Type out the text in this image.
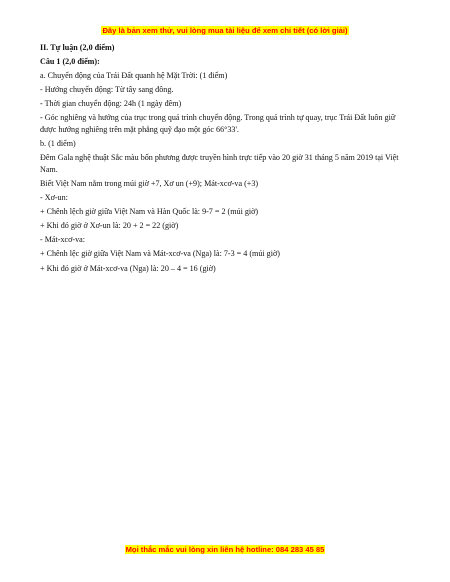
Đây là bản xem thử, vui lòng mua tài liệu để xem chi tiết (có lời giải)

II. Tự luận (2,0 điểm)

Câu 1 (2,0 điểm):

a. Chuyển động của Trái Đất quanh hệ Mặt Trời: (1 điểm)

- Hướng chuyển động: Từ tây sang đông.

- Thời gian chuyển động: 24h (1 ngày đêm)

- Góc nghiêng và hướng của trục trong quá trình chuyển động. Trong quá trình tự quay, trục Trái Đất luôn giữ được hướng nghiêng trên mặt phẳng quỹ đạo một góc 66°33'.

b. (1 điểm)

Đêm Gala nghệ thuật Sắc màu bốn phương được truyền hình trực tiếp vào 20 giờ 31 tháng 5 năm 2019 tại Việt Nam.

Biết Việt Nam nằm trong múi giờ +7, Xơ un (+9); Mát-xcơ-va (+3)

- Xơ-un:

+ Chênh lệch giờ giữa Việt Nam và Hàn Quốc là: 9-7 = 2 (múi giờ)

+ Khi đó giờ ở Xơ-un là: 20 + 2 = 22 (giờ)

- Mát-xcơ-va:

+ Chênh lệc giờ giữa Việt Nam và Mát-xcơ-va (Nga) là: 7-3 = 4 (múi giờ)

+ Khi đó giờ ở Mát-xcơ-va (Nga) là: 20 – 4 = 16 (giờ)

Mọi thắc mắc vui lòng xin liên hệ hotline: 084 283 45 85
